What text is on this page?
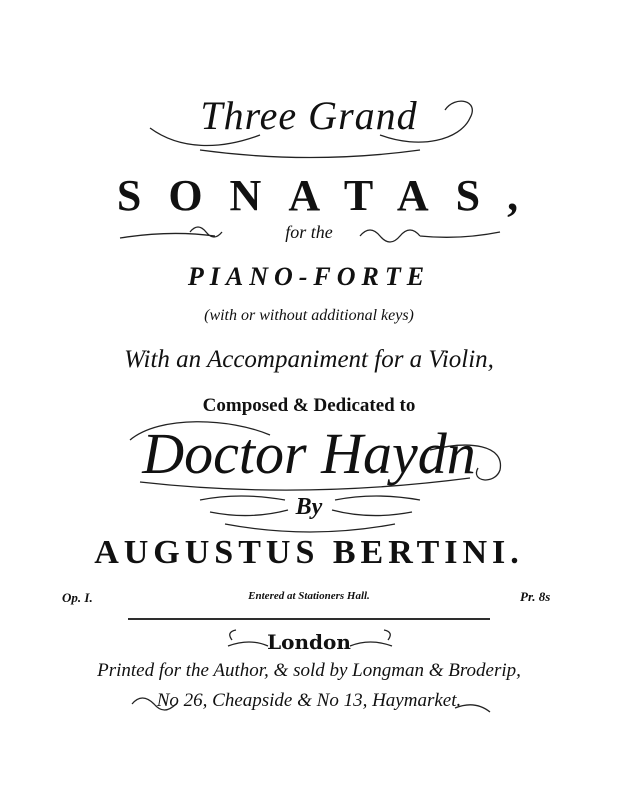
Three Grand
SONATAS,
for the
PIANO-FORTE
(with or without additional keys)
With an Accompaniment for a Violin,
Composed & Dedicated to
Doctor Haydn
By
AUGUSTUS BERTINI.
Op. I.	Entered at Stationers Hall.	Pr. 8s
London
Printed for the Author, & sold by Longman & Broderip,
No 26, Cheapside & No 13, Haymarket.
